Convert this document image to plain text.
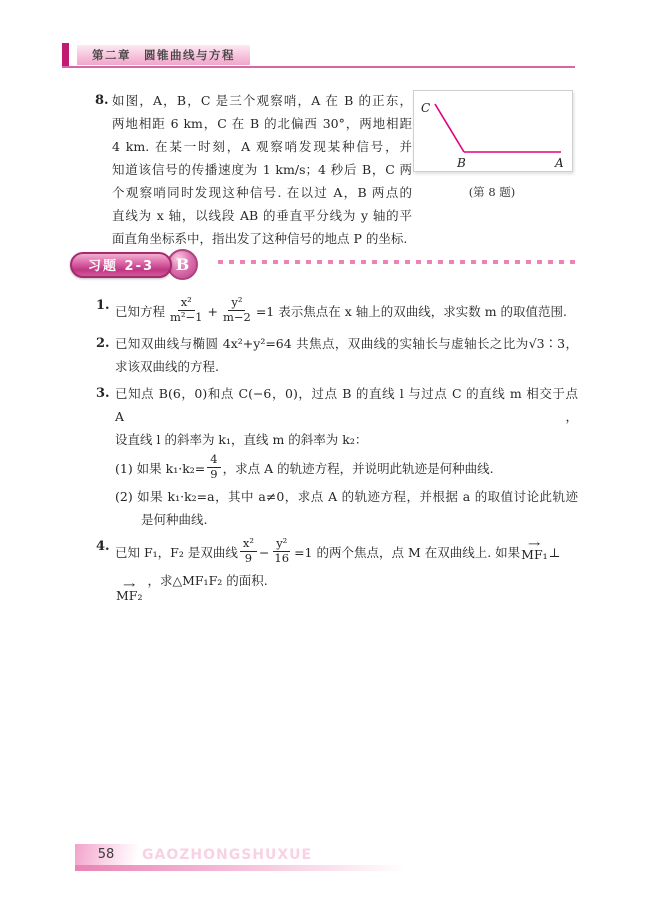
第二章　圆锥曲线与方程
8. 如图，A，B，C 是三个观察哨，A 在 B 的正东，
两地相距 6 km，C 在 B 的北偏西 30°，两地相距
4 km. 在某一时刻，A 观察哨发现某种信号，并
知道该信号的传播速度为 1 km/s；4 秒后 B，C 两
个观察哨同时发现这种信号. 在以过 A，B 两点的
直线为 x 轴，以线段 AB 的垂直平分线为 y 轴的平
面直角坐标系中，指出发了这种信号的地点 P 的坐标.
C
B	A
(第 8 题)
习题 2-3 B
1. 已知方程 $\frac{\text{x²}}{\text{m²−1}} + \frac{\text{y²}}{m-2} =1$ 表示焦点在 x 轴上的双曲线，求实数 m 的取值范围.
2. 已知双曲线与椭圆 4x²+y²=64 共焦点，双曲线的实轴长与虚轴长之比为√3∶3，
求该双曲线的方程.
3. 已知点 B(6，0)和点 C(−6，0)，过点 B 的直线 l 与过点 C 的直线 m 相交于点 A，
设直线 l 的斜率为 k₁，直线 m 的斜率为 k₂：
(1) 如果 $k_1\cdot k_2= \frac{4}{9}$ ，求点 A 的轨迹方程，并说明此轨迹是何种曲线.
(2) 如果 k₁·k₂=a，其中 a≠0，求点 A 的轨迹方程，并根据 a 的取值讨论此轨迹
是何种曲线.
4. 已知 F₁，F₂ 是双曲线 $\frac{\text{x²}}{9} - \frac{\text{y²}}{16} =1$ 的两个焦点，点 M 在双曲线上. 如果 →
MF₁ ⊥
→
MF₂
，求△MF₁F₂ 的面积.
58 GAOZHONGSHUXUE
